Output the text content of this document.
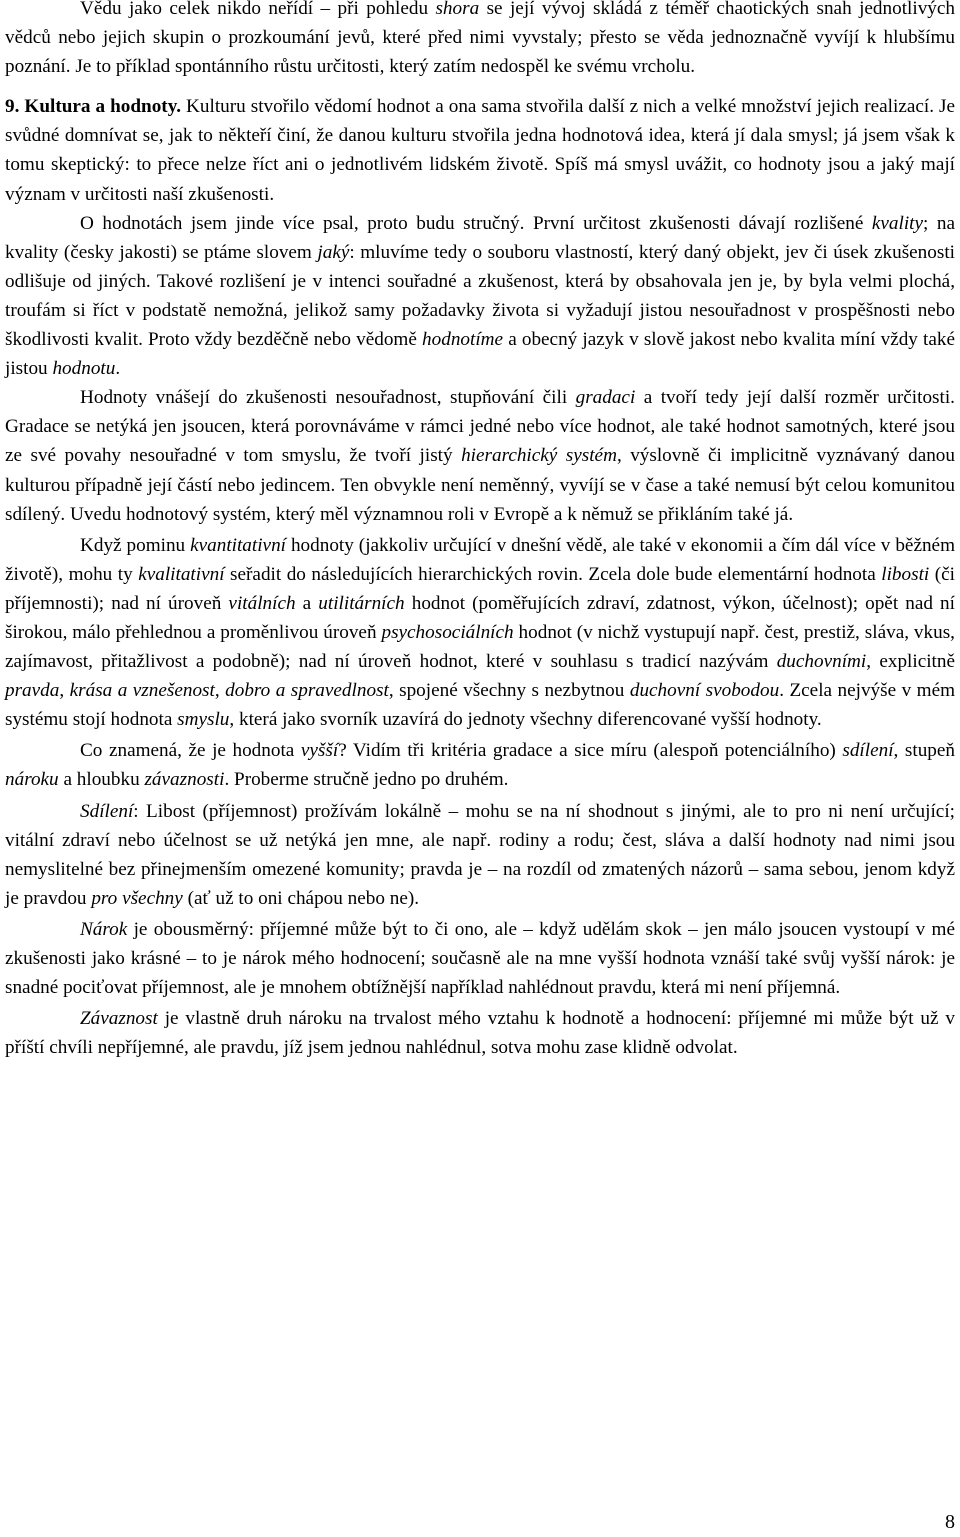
Vědu jako celek nikdo neřídí – při pohledu shora se její vývoj skládá z téměř chaotických snah jednotlivých vědců nebo jejich skupin o prozkoumání jevů, které před nimi vyvstaly; přesto se věda jednoznačně vyvíjí k hlubšímu poznání. Je to příklad spontánního růstu určitosti, který zatím nedospěl ke svému vrcholu.

9. Kultura a hodnoty. Kulturu stvořilo vědomí hodnot a ona sama stvořila další z nich a velké množství jejich realizací. Je svůdné domnívat se, jak to někteří činí, že danou kulturu stvořila jedna hodnotová idea, která jí dala smysl; já jsem však k tomu skeptický: to přece nelze říct ani o jednotlivém lidském životě. Spíš má smysl uvážit, co hodnoty jsou a jaký mají význam v určitosti naší zkušenosti.

O hodnotách jsem jinde více psal, proto budu stručný. První určitost zkušenosti dávají rozlišené kvality; na kvality (česky jakosti) se ptáme slovem jaký: mluvíme tedy o souboru vlastností, který daný objekt, jev či úsek zkušenosti odlišuje od jiných. Takové rozlišení je v intenci souřadné a zkušenost, která by obsahovala jen je, by byla velmi plochá, troufám si říct v podstatě nemožná, jelikož samy požadavky života si vyžadují jistou nesouřadnost v prospěšnosti nebo škodlivosti kvalit. Proto vždy bezděčně nebo vědomě hodnotíme a obecný jazyk v slově jakost nebo kvalita míní vždy také jistou hodnotu.

Hodnoty vnášejí do zkušenosti nesouřadnost, stupňování čili gradaci a tvoří tedy její další rozměr určitosti. Gradace se netýká jen jsoucen, která porovnáváme v rámci jedné nebo více hodnot, ale také hodnot samotných, které jsou ze své povahy nesouřadné v tom smyslu, že tvoří jistý hierarchický systém, výslovně či implicitně vyznávaný danou kulturou případně její částí nebo jedincem. Ten obvykle není neměnný, vyvíjí se v čase a také nemusí být celou komunitou sdílený. Uvedu hodnotový systém, který měl významnou roli v Evropě a k němuž se přikláním také já.

Když pominu kvantitativní hodnoty (jakkoliv určující v dnešní vědě, ale také v ekonomii a čím dál více v běžném životě), mohu ty kvalitativní seřadit do následujících hierarchických rovin. Zcela dole bude elementární hodnota libosti (či příjemnosti); nad ní úroveň vitálních a utilitárních hodnot (poměřujících zdraví, zdatnost, výkon, účelnost); opět nad ní širokou, málo přehlednou a proměnlivou úroveň psychosociálních hodnot (v nichž vystupují např. čest, prestiž, sláva, vkus, zajímavost, přitažlivost a podobně); nad ní úroveň hodnot, které v souhlasu s tradicí nazývám duchovními, explicitně pravda, krása a vznešenost, dobro a spravedlnost, spojené všechny s nezbytnou duchovní svobodou. Zcela nejvýše v mém systému stojí hodnota smyslu, která jako svorník uzavírá do jednoty všechny diferencované vyšší hodnoty.

Co znamená, že je hodnota vyšší? Vidím tři kritéria gradace a sice míru (alespoň potenciálního) sdílení, stupeň nároku a hloubku závaznosti. Proberme stručně jedno po druhém.

Sdílení: Libost (příjemnost) prožívám lokálně – mohu se na ní shodnout s jinými, ale to pro ni není určující; vitální zdraví nebo účelnost se už netýká jen mne, ale např. rodiny a rodu; čest, sláva a další hodnoty nad nimi jsou nemyslitelné bez přinejmenším omezené komunity; pravda je – na rozdíl od zmatených názorů – sama sebou, jenom když je pravdou pro všechny (ať už to oni chápou nebo ne).

Nárok je obousměrný: příjemné může být to či ono, ale – když udělám skok – jen málo jsoucen vystoupí v mé zkušenosti jako krásné – to je nárok mého hodnocení; současně ale na mne vyšší hodnota vznáší také svůj vyšší nárok: je snadné pociťovat příjemnost, ale je mnohem obtížnější například nahlédnout pravdu, která mi není příjemná.

Závaznost je vlastně druh nároku na trvalost mého vztahu k hodnotě a hodnocení: příjemné mi může být už v příští chvíli nepříjemné, ale pravdu, jíž jsem jednou nahlédnul, sotva mohu zase klidně odvolat.

8
